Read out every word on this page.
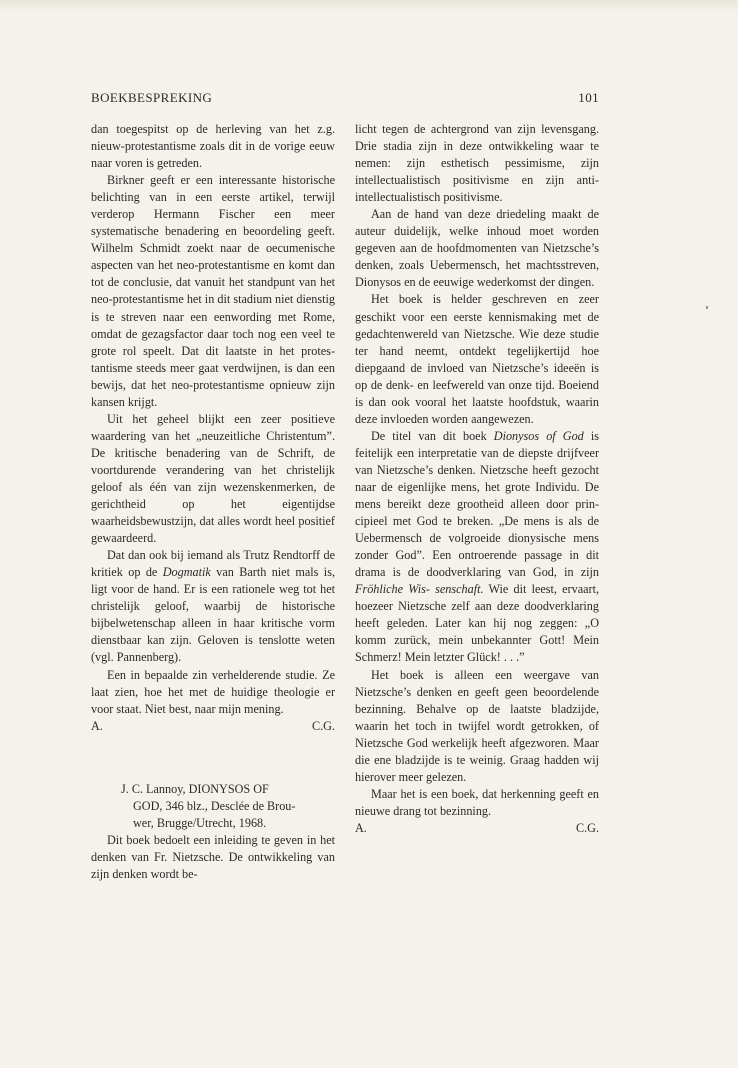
BOEKBESPREKING	101

dan toegespitst op de herleving van het z.g. nieuw-protestantisme zoals dit in de vorige eeuw naar voren is getreden.

Birkner geeft er een interessante historische belichting van in een eerste artikel, terwijl verderop Hermann Fischer een meer systematische benadering en beoordeling geeft. Wilhelm Schmidt zoekt naar de oecumenische aspecten van het neo-protestantisme en komt dan tot de conclusie, dat vanuit het standpunt van het neo-protestantisme het in dit stadium niet dienstig is te streven naar een eenwording met Rome, omdat de gezagsfactor daar toch nog een veel te grote rol speelt. Dat dit laatste in het protestantisme steeds meer gaat verdwijnen, is dan een bewijs, dat het neo-protestantisme opnieuw zijn kansen krijgt.

Uit het geheel blijkt een zeer positieve waardering van het „neuzeitliche Christentum”. De kritische benadering van de Schrift, de voortdurende verandering van het christelijk geloof als één van zijn wezenskenmerken, de gerichtheid op het eigentijdse waarheidsbewustzijn, dat alles wordt heel positief gewaardeerd.

Dat dan ook bij iemand als Trutz Rendtorff de kritiek op de Dogmatik van Barth niet mals is, ligt voor de hand. Er is een rationele weg tot het christelijk geloof, waarbij de historische bijbelwetenschap alleen in haar kritische vorm dienstbaar kan zijn. Geloven is tenslotte weten (vgl. Pannenberg).

Een in bepaalde zin verhelderende studie. Ze laat zien, hoe het met de huidige theologie er voor staat. Niet best, naar mijn mening.

A.	C.G.

J. C. Lannoy, DIONYSOS OF

GOD, 346 blz., Desclée de Brou-

wer, Brugge/Utrecht, 1968.

Dit boek bedoelt een inleiding te geven in het denken van Fr. Nietzsche. De ontwikkeling van zijn denken wordt be-

licht tegen de achtergrond van zijn levensgang. Drie stadia zijn in deze ontwikkeling waar te nemen: zijn esthetisch pessimisme, zijn intellectualistisch positivisme en zijn anti-intellectualistisch positivisme.

Aan de hand van deze driedeling maakt de auteur duidelijk, welke inhoud moet worden gegeven aan de hoofdmomenten van Nietzsche’s denken, zoals Uebermensch, het machtsstreven, Dionysos en de eeuwige wederkomst der dingen.

Het boek is helder geschreven en zeer geschikt voor een eerste kennismaking met de gedachtenwereld van Nietzsche. Wie deze studie ter hand neemt, ontdekt tegelijkertijd hoe diepgaand de invloed van Nietzsche’s ideeën is op de denk- en leefwereld van onze tijd. Boeiend is dan ook vooral het laatste hoofdstuk, waarin deze invloeden worden aangewezen.

De titel van dit boek Dionysos of God is feitelijk een interpretatie van de diepste drijfveer van Nietzsche’s denken. Nietzsche heeft gezocht naar de eigenlijke mens, het grote Individu. De mens bereikt deze grootheid alleen door principieel met God te breken. „De mens is als de Uebermensch de volgroeide dionysische mens zonder God”. Een ontroerende passage in dit drama is de doodverklaring van God, in zijn Fröhliche Wis- senschaft. Wie dit leest, ervaart, hoezeer Nietzsche zelf aan deze doodverklaring heeft geleden. Later kan hij nog zeggen: „O komm zurück, mein unbekannter Gott! Mein Schmerz! Mein letzter Glück! . . .”

Het boek is alleen een weergave van Nietzsche’s denken en geeft geen beoordelende bezinning. Behalve op de laatste bladzijde, waarin het toch in twijfel wordt getrokken, of Nietzsche God werkelijk heeft afgezworen. Maar die ene bladzijde is te weinig. Graag hadden wij hierover meer gelezen.

Maar het is een boek, dat herkenning geeft en nieuwe drang tot bezinning.

A.	C.G.
